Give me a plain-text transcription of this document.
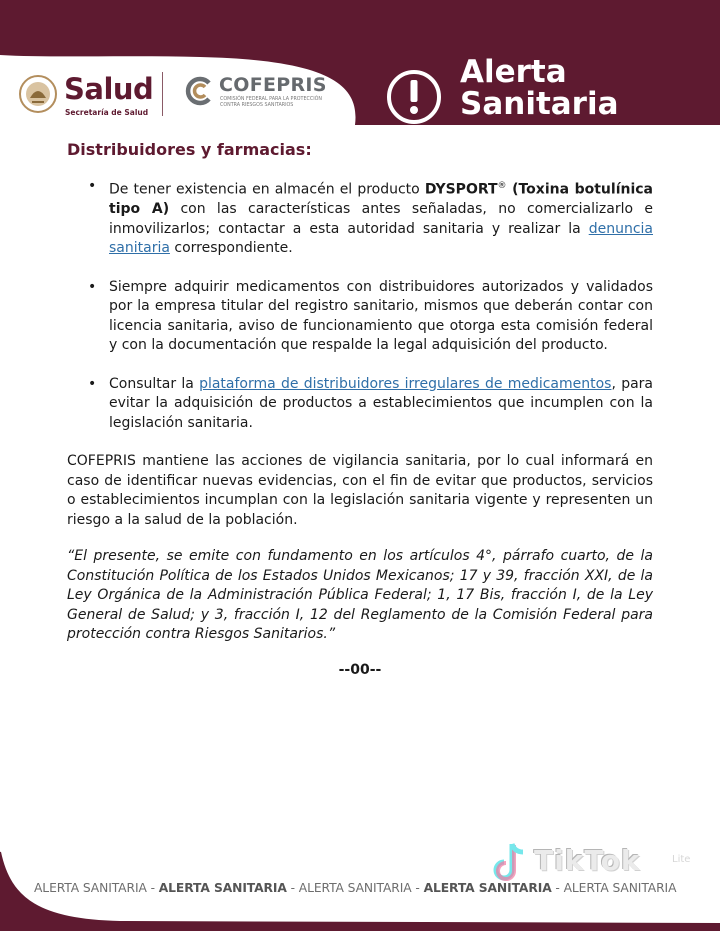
Salud
Secretaría de Salud
COFEPRIS
COMISIÓN FEDERAL PARA LA PROTECCIÓN CONTRA RIESGOS SANITARIOS
Alerta
Sanitaria
Distribuidores y farmacias:
• De tener existencia en almacén el producto DYSPORT® (Toxina botulínica tipo A) con las características antes señaladas, no comercializarlo e inmovilizarlos; contactar a esta autoridad sanitaria y realizar la denuncia sanitaria correspondiente.
• Siempre adquirir medicamentos con distribuidores autorizados y validados por la empresa titular del registro sanitario, mismos que deberán contar con licencia sanitaria, aviso de funcionamiento que otorga esta comisión federal y con la documentación que respalde la legal adquisición del producto.
• Consultar la plataforma de distribuidores irregulares de medicamentos, para evitar la adquisición de productos a establecimientos que incumplen con la legislación sanitaria.

COFEPRIS mantiene las acciones de vigilancia sanitaria, por lo cual informará en caso de identificar nuevas evidencias, con el fin de evitar que productos, servicios o establecimientos incumplan con la legislación sanitaria vigente y representen un riesgo a la salud de la población.

“El presente, se emite con fundamento en los artículos 4°, párrafo cuarto, de la Constitución Política de los Estados Unidos Mexicanos; 17 y 39, fracción XXI, de la Ley Orgánica de la Administración Pública Federal; 1, 17 Bis, fracción I, de la Ley General de Salud; y 3, fracción I, 12 del Reglamento de la Comisión Federal para protección contra Riesgos Sanitarios.”

--00--

TikTok	Lite
ALERTA SANITARIA - ALERTA SANITARIA - ALERTA SANITARIA - ALERTA SANITARIA - ALERTA SANITARIA
